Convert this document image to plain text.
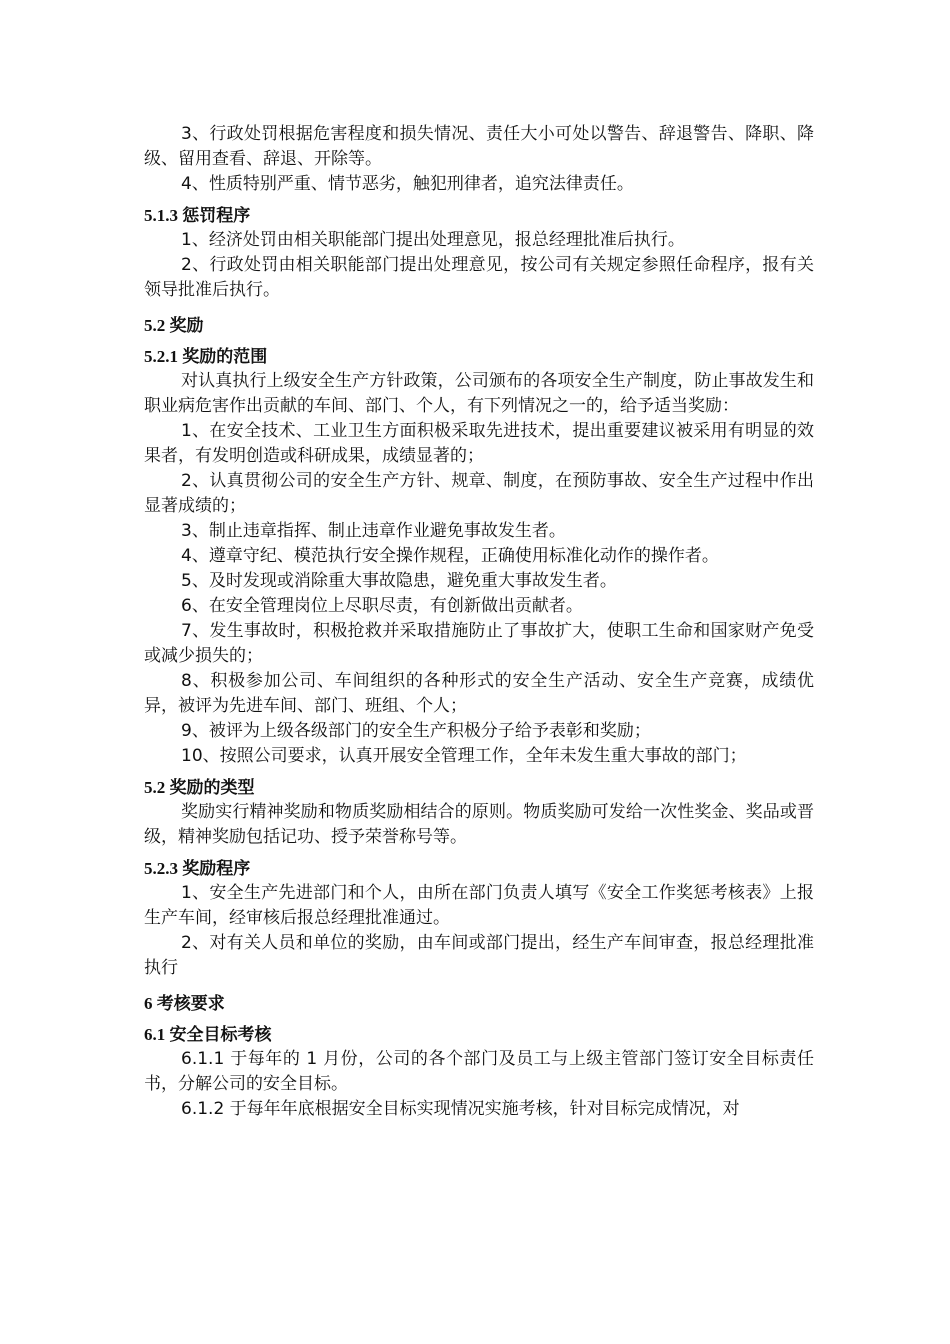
3、行政处罚根据危害程度和损失情况、责任大小可处以警告、辞退警告、降职、降级、留用查看、辞退、开除等。

4、性质特别严重、情节恶劣，触犯刑律者，追究法律责任。

5.1.3 惩罚程序

1、经济处罚由相关职能部门提出处理意见，报总经理批准后执行。

2、行政处罚由相关职能部门提出处理意见，按公司有关规定参照任命程序，报有关领导批准后执行。

5.2 奖励
5.2.1 奖励的范围

对认真执行上级安全生产方针政策，公司颁布的各项安全生产制度，防止事故发生和职业病危害作出贡献的车间、部门、个人，有下列情况之一的，给予适当奖励：

1、在安全技术、工业卫生方面积极采取先进技术，提出重要建议被采用有明显的效果者，有发明创造或科研成果，成绩显著的；

2、认真贯彻公司的安全生产方针、规章、制度，在预防事故、安全生产过程中作出显著成绩的；

3、制止违章指挥、制止违章作业避免事故发生者。

4、遵章守纪、模范执行安全操作规程，正确使用标准化动作的操作者。

5、及时发现或消除重大事故隐患，避免重大事故发生者。

6、在安全管理岗位上尽职尽责，有创新做出贡献者。

7、发生事故时，积极抢救并采取措施防止了事故扩大，使职工生命和国家财产免受或减少损失的；

8、积极参加公司、车间组织的各种形式的安全生产活动、安全生产竞赛，成绩优异，被评为先进车间、部门、班组、个人；

9、被评为上级各级部门的安全生产积极分子给予表彰和奖励；

10、按照公司要求，认真开展安全管理工作，全年未发生重大事故的部门；

5.2 奖励的类型

奖励实行精神奖励和物质奖励相结合的原则。物质奖励可发给一次性奖金、奖品或晋级，精神奖励包括记功、授予荣誉称号等。

5.2.3 奖励程序

1、安全生产先进部门和个人，由所在部门负责人填写《安全工作奖惩考核表》上报生产车间，经审核后报总经理批准通过。

2、对有关人员和单位的奖励，由车间或部门提出，经生产车间审查，报总经理批准执行

6 考核要求
6.1 安全目标考核

6.1.1 于每年的 1 月份，公司的各个部门及员工与上级主管部门签订安全目标责任书，分解公司的安全目标。

6.1.2 于每年年底根据安全目标实现情况实施考核，针对目标完成情况，对
